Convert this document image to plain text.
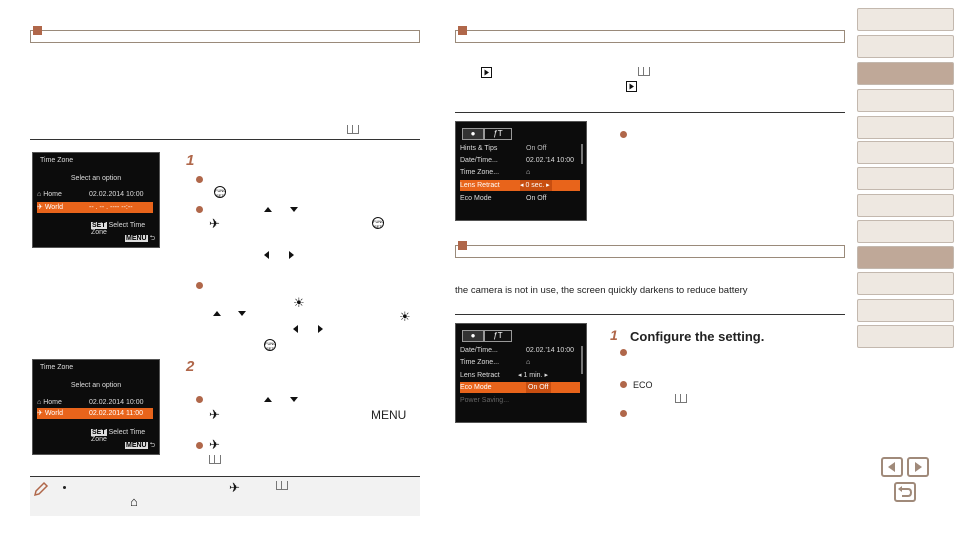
Time Zone
Select an option
⌂ Home	02.02.2014 10:00
✈ World	-- . -- . ---- --:--
SET Select Time Zone
MENU ⮌
Time Zone
Select an option
⌂ Home	02.02.2014 10:00
✈ World	02.02.2014 11:00
SET Select Time Zone
MENU ⮌
1
FUNC
SET
✈	FUNC
SET
☀
☀
FUNC
SET
2
✈	MENU
✈
✈
⌂
●	ƒT
Hints & Tips	On Off
Date/Time...	02.02.'14 10:00
Time Zone...	⌂
Lens Retract	◂ 0 sec. ▸
Eco Mode	On Off
the camera is not in use, the screen quickly darkens to reduce battery
●	ƒT
Date/Time...	02.02.'14 10:00
Time Zone...	⌂
Lens Retract	◂ 1 min. ▸
Eco Mode	On Off
Power Saving...
1 Configure the setting.
ECO
